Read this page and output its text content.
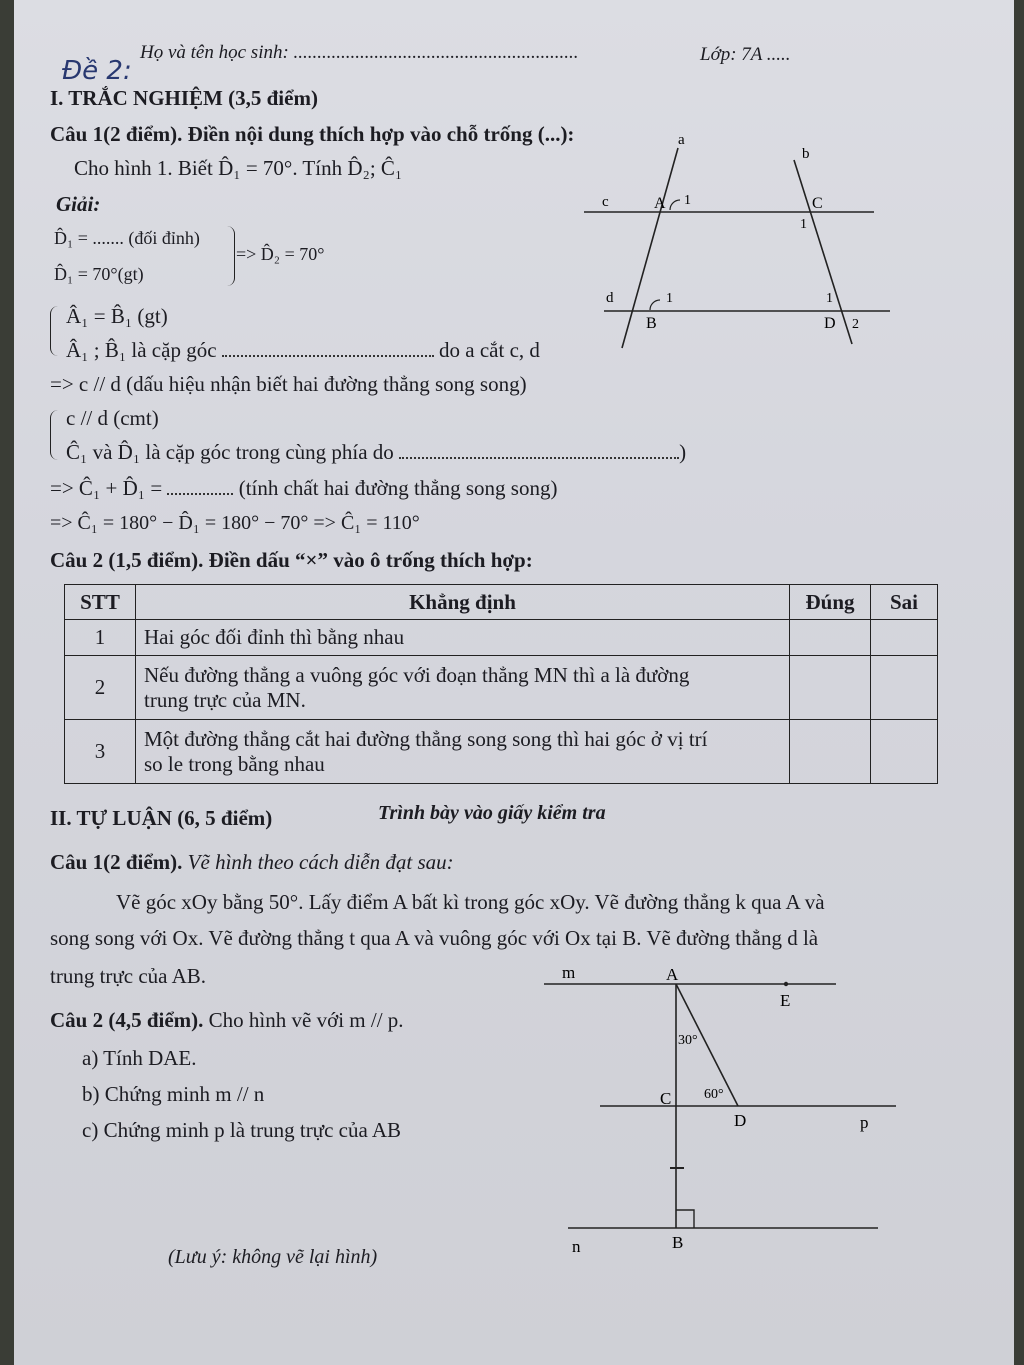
Đề 2:
Họ và tên học sinh: ............................................................	Lớp: 7A .....
I. TRẮC NGHIỆM (3,5 điểm)
Câu 1(2 điểm). Điền nội dung thích hợp vào chỗ trống (...):
Cho hình 1. Biết D̂₁ = 70°. Tính D̂₂; Ĉ₁
Giải:
D̂₁ = ....... (đối đỉnh)
D̂₁ = 70°(gt)
=> D̂₂ = 70°
Â₁ = B̂₁ (gt)
Â₁ ; B̂₁ là cặp góc	do a cắt c, d
=> c // d (dấu hiệu nhận biết hai đường thẳng song song)
c // d (cmt)
Ĉ₁ và D̂₁ là cặp góc trong cùng phía do	)
=> Ĉ₁ + D̂₁ =	(tính chất hai đường thẳng song song)
=> Ĉ₁ = 180° − D̂₁ = 180° − 70° => Ĉ₁ = 110°
Câu 2 (1,5 điểm). Điền dấu “×” vào ô trống thích hợp:
a
b
c
d
A 1	C
1
1
B
1
D 2
STT	Khẳng định	Đúng	Sai
1	Hai góc đối đỉnh thì bằng nhau		
2	Nếu đường thẳng a vuông góc với đoạn thẳng MN thì a là đường
trung trực của MN.		

3	Một đường thẳng cắt hai đường thẳng song song thì hai góc ở vị trí
so le trong bằng nhau		

II. TỰ LUẬN (6, 5 điểm)	Trình bày vào giấy kiểm tra
Câu 1(2 điểm). Vẽ hình theo cách diễn đạt sau:
Vẽ góc xOy bằng 50°. Lấy điểm A bất kì trong góc xOy. Vẽ đường thẳng k qua A và
song song với Ox. Vẽ đường thẳng t qua A và vuông góc với Ox tại B. Vẽ đường thẳng d là
trung trực của AB.
Câu 2 (4,5 điểm). Cho hình vẽ với m // p.
a) Tính DAE.
b) Chứng minh m // n
c) Chứng minh p là trung trực của AB
(Lưu ý: không vẽ lại hình)
m	A
E
30°
C 60°
D	p
B
n
